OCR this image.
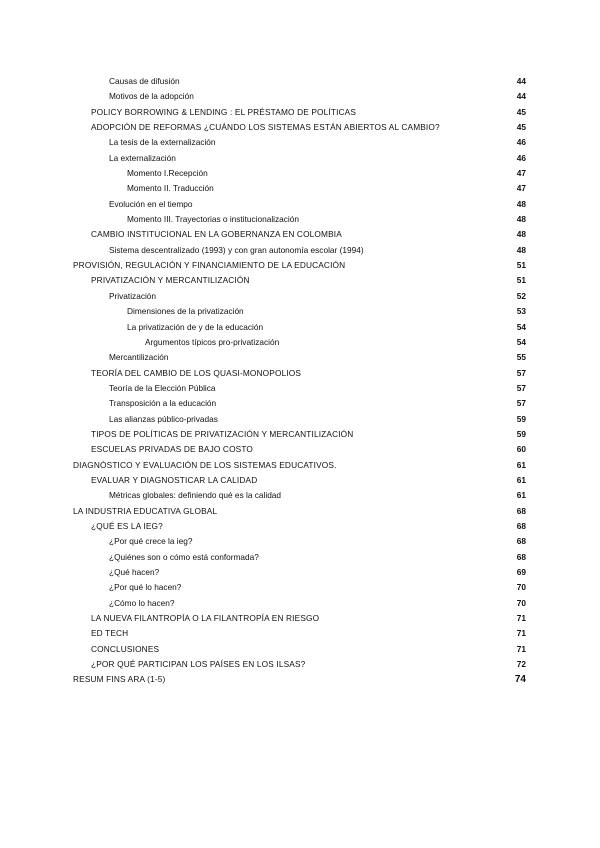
Causas de difusión	44
Motivos de la adopción	44
POLICY BORROWING & LENDING : EL PRÉSTAMO DE POLÍTICAS	45
ADOPCIÓN DE REFORMAS ¿CUÁNDO LOS SISTEMAS ESTÁN ABIERTOS AL CAMBIO?	45
La tesis de la externalización	46
La externalización	46
Momento I.Recepción	47
Momento II. Traducción	47
Evolución en el tiempo	48
Momento III. Trayectorias o institucionalización	48
CAMBIO INSTITUCIONAL EN LA GOBERNANZA EN COLOMBIA	48
Sistema descentralizado (1993) y con gran autonomía escolar (1994)	48
PROVISIÓN, REGULACIÓN Y FINANCIAMIENTO DE LA EDUCACIÓN	51
PRIVATIZACIÓN Y MERCANTILIZACIÓN	51
Privatización	52
Dimensiones de la privatización	53
La privatización de y de la educación	54
Argumentos típicos pro-privatización	54
Mercantilización	55
TEORÍA DEL CAMBIO DE LOS QUASI-MONOPOLIOS	57
Teoría de la Elección Pública	57
Transposición a la educación	57
Las alianzas público-privadas	59
TIPOS DE POLÍTICAS DE PRIVATIZACIÓN Y MERCANTILIZACIÓN	59
ESCUELAS PRIVADAS DE BAJO COSTO	60
DIAGNÓSTICO Y EVALUACIÓN DE LOS SISTEMAS EDUCATIVOS.	61
EVALUAR Y DIAGNOSTICAR LA CALIDAD	61
Métricas globales: definiendo qué es la calidad	61
LA INDUSTRIA EDUCATIVA GLOBAL	68
¿QUÉ ES LA IEG?	68
¿Por qué crece la ieg?	68
¿Quiénes son o cómo está conformada?	68
¿Qué hacen?	69
¿Por qué lo hacen?	70
¿Cómo lo hacen?	70
LA NUEVA FILANTROPÍA O LA FILANTROPÍA EN RIESGO	71
ED TECH	71
CONCLUSIONES	71
¿POR QUÉ PARTICIPAN LOS PAÍSES EN LOS ILSAS?	72
RESUM FINS ARA (1-5)	74
